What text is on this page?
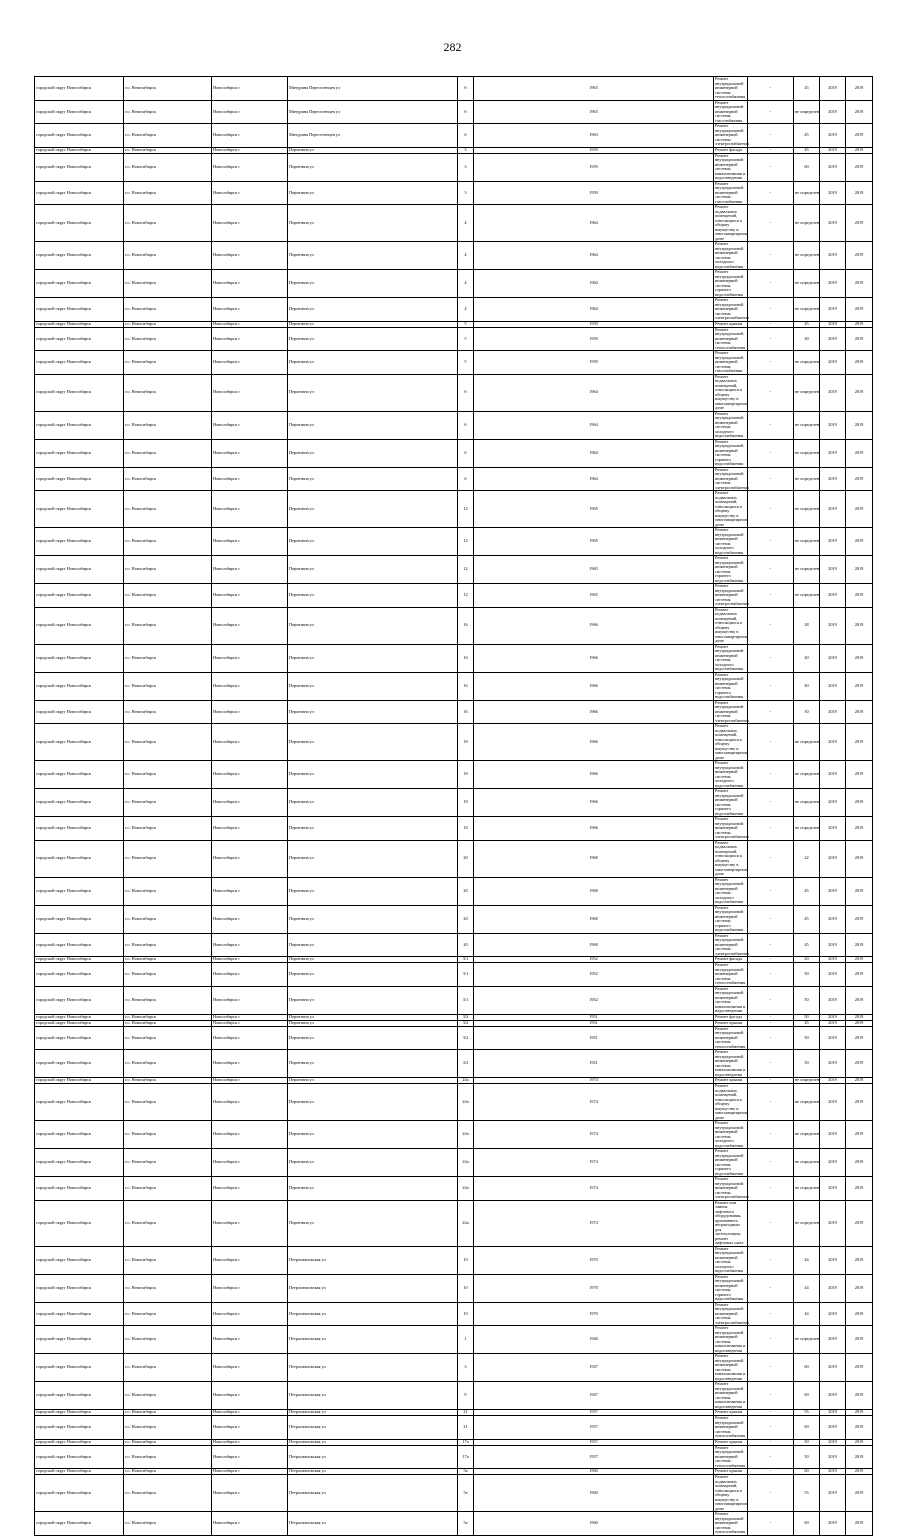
282
городской округ Новосибирск	г.о. Новосибирск	Новосибирск г	Мичурина Переселенцев ул	6	1963	Ремонт внутридомовой инженерной системы теплоснабжения	-	45	2019	2019
городской округ Новосибирск	г.о. Новосибирск	Новосибирск г	Мичурина Переселенцев ул	6	1963	Ремонт внутридомовой инженерной системы газоснабжения	-	не определен	2019	2019
городской округ Новосибирск	г.о. Новосибирск	Новосибирск г	Мичурина Переселенцев ул	6	1963	Ремонт внутридомовой инженерной системы электроснабжения	-	45	2019	2019
городской округ Новосибирск	г.о. Новосибирск	Новосибирск г	Перовтина ул	3	1959	Ремонт фасада	-	45	2019	2019
городской округ Новосибирск	г.о. Новосибирск	Новосибирск г	Перовтина ул	3	1959	Ремонт внутридомовой инженерной системы канализования и водоотведения	-	60	2019	2019
городской округ Новосибирск	г.о. Новосибирск	Новосибирск г	Перовтина ул	3	1959	Ремонт внутридомовой инженерной системы газоснабжения	-	не определен	2019	2019
городской округ Новосибирск	г.о. Новосибирск	Новосибирск г	Перовтина ул	4	1964	Ремонт подвальных помещений, относящихся к общему имуществу в многоквартирном доме	-	не определен	2019	2019
городской округ Новосибирск	г.о. Новосибирск	Новосибирск г	Перовтина ул	4	1964	Ремонт внутридомовой инженерной системы холодного водоснабжения	-	не определен	2019	2019
городской округ Новосибирск	г.о. Новосибирск	Новосибирск г	Перовтина ул	4	1964	Ремонт внутридомовой инженерной системы горячего водоснабжения	-	не определен	2019	2019
городской округ Новосибирск	г.о. Новосибирск	Новосибирск г	Перовтина ул	4	1964	Ремонт внутридомовой инженерной системы электроснабжения	-	не определен	2019	2019
городской округ Новосибирск	г.о. Новосибирск	Новосибирск г	Перовтина ул	5	1959	Ремонт крыши	-	45	2019	2019
городской округ Новосибирск	г.о. Новосибирск	Новосибирск г	Перовтина ул	5	1959	Ремонт внутридомовой инженерной системы теплоснабжения	-	30	2019	2019
городской округ Новосибирск	г.о. Новосибирск	Новосибирск г	Перовтина ул	5	1959	Ремонт внутридомовой инженерной системы газоснабжения	-	не определен	2019	2019
городской округ Новосибирск	г.о. Новосибирск	Новосибирск г	Перовтина ул	6	1964	Ремонт подвальных помещений, относящихся к общему имуществу в многоквартирном доме	-	не определен	2019	2019
городской округ Новосибирск	г.о. Новосибирск	Новосибирск г	Перовтина ул	6	1964	Ремонт внутридомовой инженерной системы холодного водоснабжения	-	не определен	2019	2019
городской округ Новосибирск	г.о. Новосибирск	Новосибирск г	Перовтина ул	6	1964	Ремонт внутридомовой инженерной системы горячего водоснабжения	-	не определен	2019	2019
городской округ Новосибирск	г.о. Новосибирск	Новосибирск г	Перовтина ул	6	1964	Ремонт внутридомовой инженерной системы электроснабжения	-	не определен	2019	2019
городской округ Новосибирск	г.о. Новосибирск	Новосибирск г	Перовтина ул	12	1965	Ремонт подвальных помещений, относящихся к общему имуществу в многоквартирном доме	-	не определен	2019	2019
городской округ Новосибирск	г.о. Новосибирск	Новосибирск г	Перовтина ул	12	1965	Ремонт внутридомовой инженерной системы холодного водоснабжения	-	не определен	2019	2019
городской округ Новосибирск	г.о. Новосибирск	Новосибирск г	Перовтина ул	12	1965	Ремонт внутридомовой инженерной системы горячего водоснабжения	-	не определен	2019	2019
городской округ Новосибирск	г.о. Новосибирск	Новосибирск г	Перовтина ул	12	1965	Ремонт внутридомовой инженерной системы электроснабжения	-	не определен	2019	2019
городской округ Новосибирск	г.о. Новосибирск	Новосибирск г	Перовтина ул	16	1966	Ремонт подвальных помещений, относящихся к общему имуществу в многоквартирном доме	-	28	2019	2019
городской округ Новосибирск	г.о. Новосибирск	Новосибирск г	Перовтина ул	16	1966	Ремонт внутридомовой инженерной системы холодного водоснабжения	-	40	2019	2019
городской округ Новосибирск	г.о. Новосибирск	Новосибирск г	Перовтина ул	16	1966	Ремонт внутридомовой инженерной системы горячего водоснабжения	-	40	2019	2019
городской округ Новосибирск	г.о. Новосибирск	Новосибирск г	Перовтина ул	16	1966	Ремонт внутридомовой инженерной системы электроснабжения	-	30	2019	2019
городской округ Новосибирск	г.о. Новосибирск	Новосибирск г	Перовтина ул	18	1966	Ремонт подвальных помещений, относящихся к общему имуществу в многоквартирном доме	-	не определен	2019	2019
городской округ Новосибирск	г.о. Новосибирск	Новосибирск г	Перовтина ул	18	1966	Ремонт внутридомовой инженерной системы холодного водоснабжения	-	не определен	2019	2019
городской округ Новосибирск	г.о. Новосибирск	Новосибирск г	Перовтина ул	18	1966	Ремонт внутридомовой инженерной системы горячего водоснабжения	-	не определен	2019	2019
городской округ Новосибирск	г.о. Новосибирск	Новосибирск г	Перовтина ул	18	1966	Ремонт внутридомовой инженерной системы электроснабжения	-	не определен	2019	2019
городской округ Новосибирск	г.о. Новосибирск	Новосибирск г	Перовтина ул	20	1968	Ремонт подвальных помещений, относящихся к общему имуществу в многоквартирном доме	-	22	2019	2019
городской округ Новосибирск	г.о. Новосибирск	Новосибирск г	Перовтина ул	20	1968	Ремонт внутридомовой инженерной системы холодного водоснабжения	-	45	2019	2019
городской округ Новосибирск	г.о. Новосибирск	Новосибирск г	Перовтина ул	20	1968	Ремонт внутридомовой инженерной системы горячего водоснабжения	-	45	2019	2019
городской округ Новосибирск	г.о. Новосибирск	Новосибирск г	Перовтина ул	20	1968	Ремонт внутридомовой инженерной системы электроснабжения	-	45	2019	2019
городской округ Новосибирск	г.о. Новосибирск	Новосибирск г	Перовтина ул	3/1	1952	Ремонт фасада	-	20	2019	2019
городской округ Новосибирск	г.о. Новосибирск	Новосибирск г	Перовтина ул	3/1	1952	Ремонт внутридомовой инженерной системы теплоснабжения	-	50	2019	2019
городской округ Новосибирск	г.о. Новосибирск	Новосибирск г	Перовтина ул	3/1	1952	Ремонт внутридомовой инженерной системы канализования и водоотведения	-	50	2019	2019
городской округ Новосибирск	г.о. Новосибирск	Новосибирск г	Перовтина ул	3/2	1951	Ремонт фасада	-	50	2019	2019
городской округ Новосибирск	г.о. Новосибирск	Новосибирск г	Перовтина ул	3/2	1951	Ремонт крыши	-	45	2019	2019
городской округ Новосибирск	г.о. Новосибирск	Новосибирск г	Перовтина ул	3/2	1951	Ремонт внутридомовой инженерной системы теплоснабжения	-	50	2019	2019
городской округ Новосибирск	г.о. Новосибирск	Новосибирск г	Перовтина ул	3/2	1951	Ремонт внутридомовой инженерной системы канализования и водоотведения	-	50	2019	2019
городской округ Новосибирск	г.о. Новосибирск	Новосибирск г	Перовтина ул	24а	1974	Ремонт крыши	-	не определен	2019	2019
городской округ Новосибирск	г.о. Новосибирск	Новосибирск г	Перовтина ул	24а	1974	Ремонт подвальных помещений, относящихся к общему имуществу в многоквартирном доме	-	не определен	2019	2019
городской округ Новосибирск	г.о. Новосибирск	Новосибирск г	Перовтина ул	24а	1974	Ремонт внутридомовой инженерной системы холодного водоснабжения	-	не определен	2019	2019
городской округ Новосибирск	г.о. Новосибирск	Новосибирск г	Перовтина ул	24а	1974	Ремонт внутридомовой инженерной системы горячего водоснабжения	-	не определен	2019	2019
городской округ Новосибирск	г.о. Новосибирск	Новосибирск г	Перовтина ул	24а	1974	Ремонт внутридомовой инженерной системы электроснабжения	-	не определен	2019	2019
городской округ Новосибирск	г.о. Новосибирск	Новосибирск г	Перовтина ул	24а	1974	Ремонт или замена лифтового оборудования, признанного непригодным для эксплуатации, ремонт лифтовых шахт	-	не определен	2019	2019
городской округ Новосибирск	г.о. Новосибирск	Новосибирск г	Петропавловская ул	10	1970	Ремонт внутридомовой инженерной системы холодного водоснабжения	-	44	2019	2019
городской округ Новосибирск	г.о. Новосибирск	Новосибирск г	Петропавловская ул	10	1970	Ремонт внутридомовой инженерной системы горячего водоснабжения	-	44	2019	2019
городской округ Новосибирск	г.о. Новосибирск	Новосибирск г	Петропавловская ул	10	1970	Ремонт внутридомовой инженерной системы электроснабжения	-	44	2019	2019
городской округ Новосибирск	г.о. Новосибирск	Новосибирск г	Петропавловская ул	1	1946	Ремонт внутридомовой инженерной системы канализования и водоотведения	-	не определен	2019	2019
городской округ Новосибирск	г.о. Новосибирск	Новосибирск г	Петропавловская ул	3	1947	Ремонт внутридомовой инженерной системы канализования и водоотведения	-	60	2019	2019
городской округ Новосибирск	г.о. Новосибирск	Новосибирск г	Петропавловская ул	9	1947	Ремонт внутридомовой инженерной системы канализования и водоотведения	-	60	2019	2019
городской округ Новосибирск	г.о. Новосибирск	Новосибирск г	Петропавловская ул	21	1957	Ремонт крыши	-	55	2019	2019
городской округ Новосибирск	г.о. Новосибирск	Новосибирск г	Петропавловская ул	21	1957	Ремонт внутридомовой инженерной системы теплоснабжения	-	60	2019	2019
городской округ Новосибирск	г.о. Новосибирск	Новосибирск г	Петропавловская ул	17а	1957	Ремонт крыши	-	50	2019	2019
городской округ Новосибирск	г.о. Новосибирск	Новосибирск г	Петропавловская ул	17а	1957	Ремонт внутридомовой инженерной системы теплоснабжения	-	50	2019	2019
городской округ Новосибирск	г.о. Новосибирск	Новосибирск г	Петропавловская ул	5а	1960	Ремонт крыши	-	60	2019	2019
городской округ Новосибирск	г.о. Новосибирск	Новосибирск г	Петропавловская ул	5а	1960	Ремонт подвальных помещений, относящихся к общему имуществу в многоквартирном доме	-	55	2019	2019
городской округ Новосибирск	г.о. Новосибирск	Новосибирск г	Петропавловская ул	5а	1960	Ремонт внутридомовой инженерной системы теплоснабжения	-	60	2019	2019
